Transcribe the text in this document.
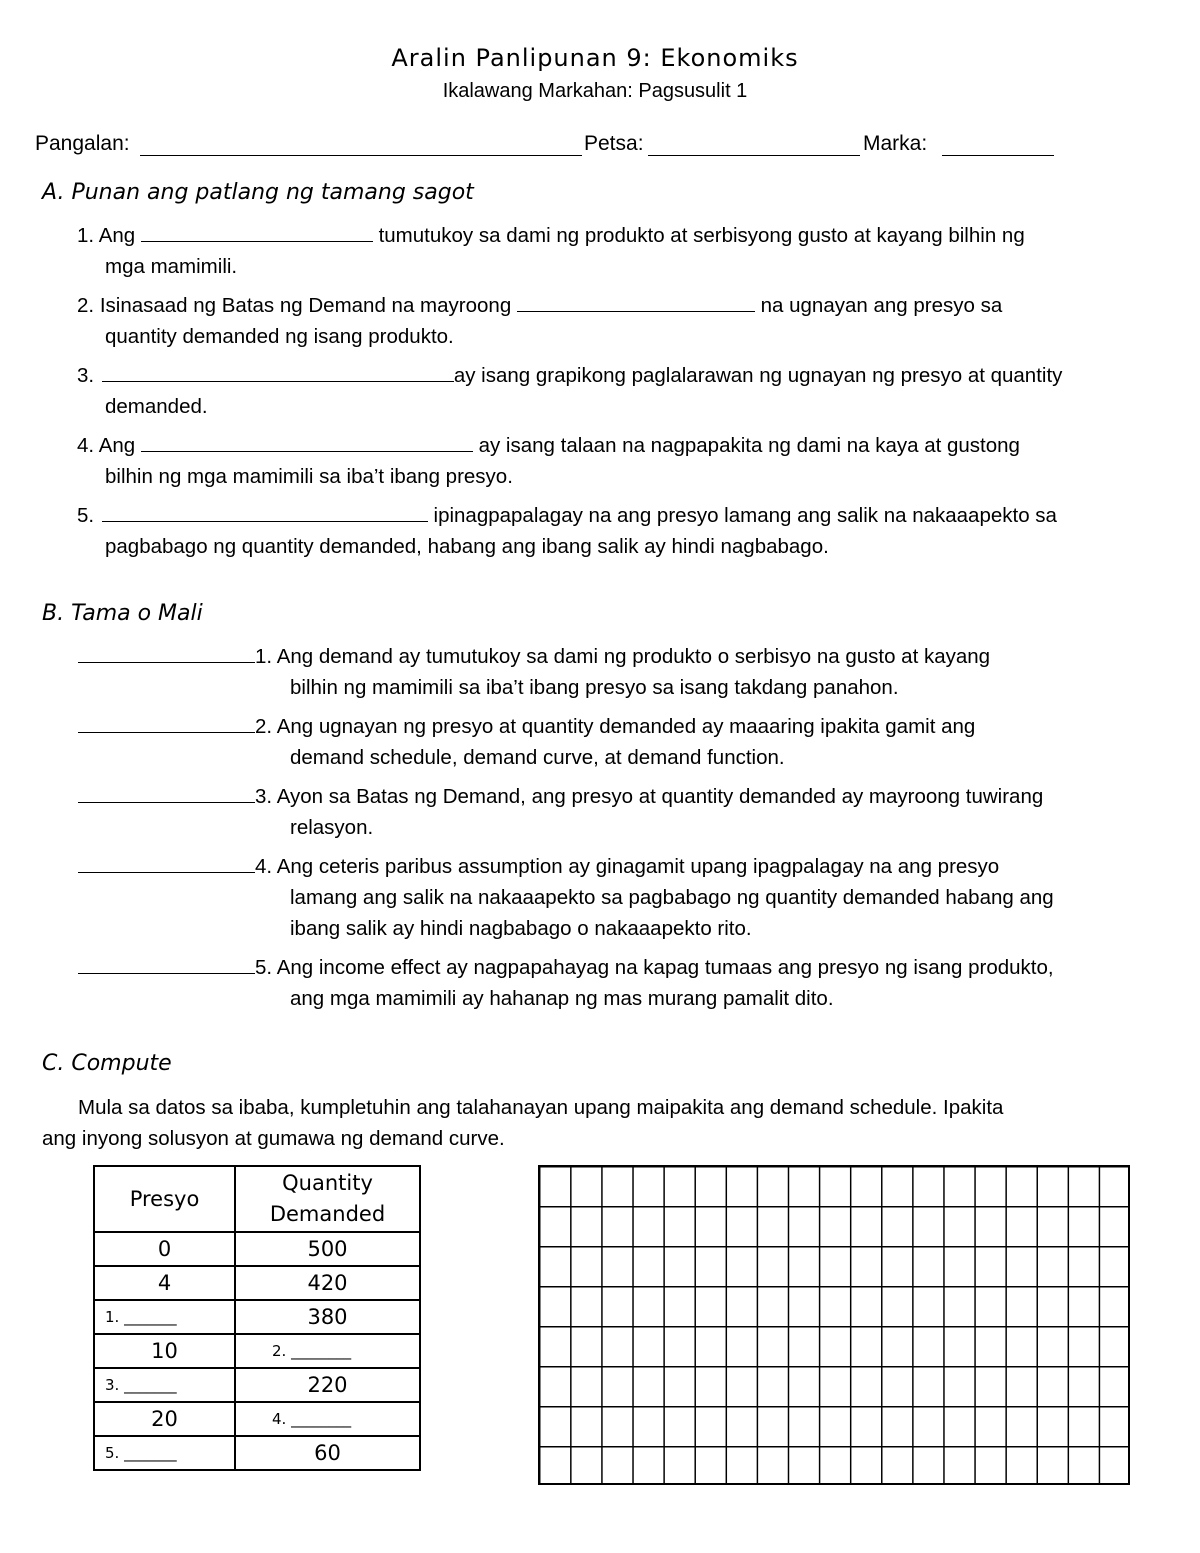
Aralin Panlipunan 9: Ekonomiks
Ikalawang Markahan: Pagsusulit 1
Pangalan:	Petsa:	Marka:
A. Punan ang patlang ng tamang sagot
1. Ang	tumutukoy sa dami ng produkto at serbisyong gusto at kayang bilhin ng
mga mamimili.
2. Isinasaad ng Batas ng Demand na mayroong	na ugnayan ang presyo sa
quantity demanded ng isang produkto.
3.	ay isang grapikong paglalarawan ng ugnayan ng presyo at quantity
demanded.
4. Ang	ay isang talaan na nagpapakita ng dami na kaya at gustong
bilhin ng mga mamimili sa iba’t ibang presyo.
5.	ipinagpapalagay na ang presyo lamang ang salik na nakaaapekto sa
pagbabago ng quantity demanded, habang ang ibang salik ay hindi nagbabago.
B. Tama o Mali
1. Ang demand ay tumutukoy sa dami ng produkto o serbisyo na gusto at kayang
bilhin ng mamimili sa iba’t ibang presyo sa isang takdang panahon.
2. Ang ugnayan ng presyo at quantity demanded ay maaaring ipakita gamit ang
demand schedule, demand curve, at demand function.
3. Ayon sa Batas ng Demand, ang presyo at quantity demanded ay mayroong tuwirang
relasyon.
4. Ang ceteris paribus assumption ay ginagamit upang ipagpalagay na ang presyo
lamang ang salik na nakaaapekto sa pagbabago ng quantity demanded habang ang
ibang salik ay hindi nagbabago o nakaaapekto rito.
5. Ang income effect ay nagpapahayag na kapag tumaas ang presyo ng isang produkto,
ang mga mamimili ay hahanap ng mas murang pamalit dito.
C. Compute
Mula sa datos sa ibaba, kumpletuhin ang talahanayan upang maipakita ang demand schedule. Ipakita
ang inyong solusyon at gumawa ng demand curve.
Presyo	Quantity
Demanded
0	500
4	420
1. _______	380
10	2. ________
3. _______	220
20	4. ________
5. _______	60
